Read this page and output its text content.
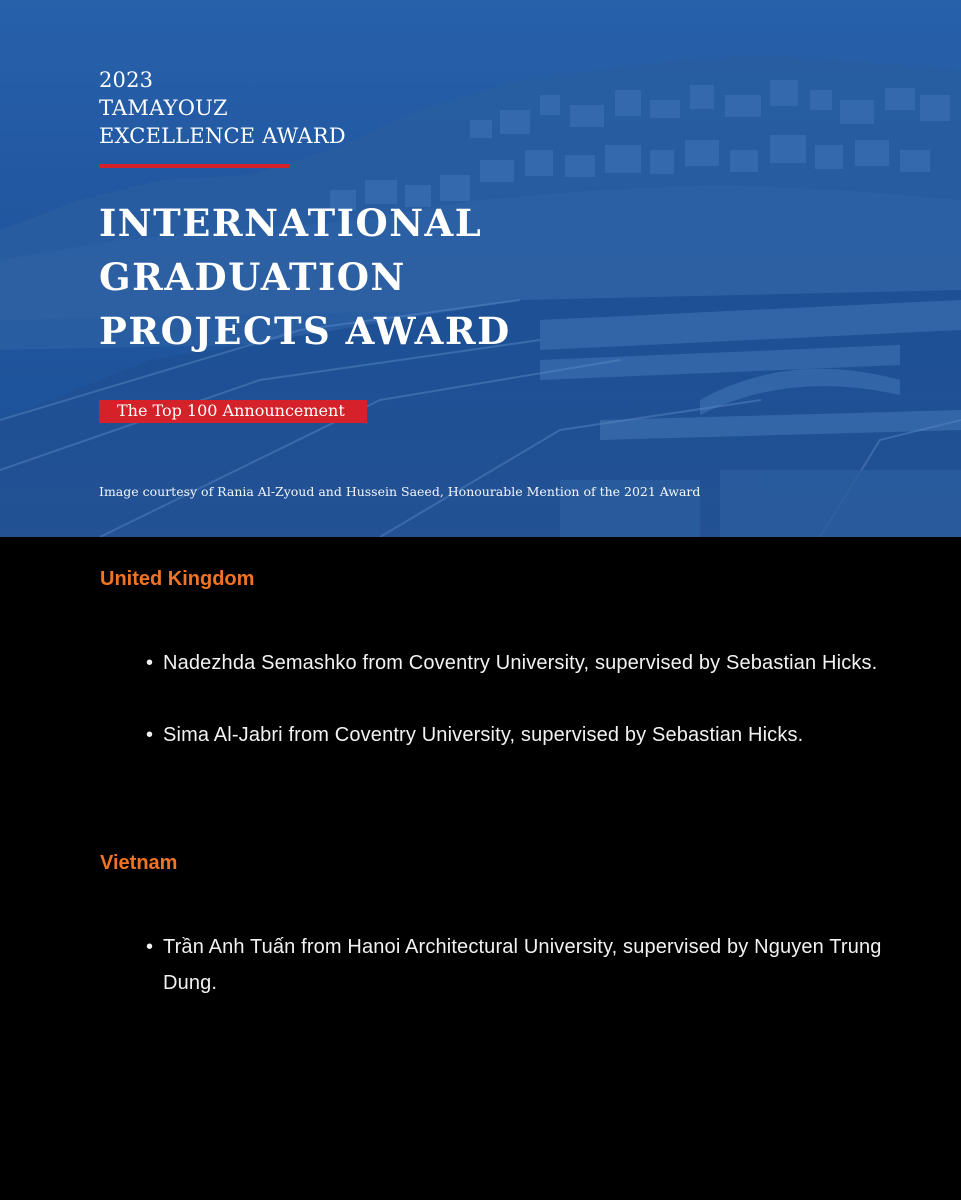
2023
TAMAYOUZ
EXCELLENCE AWARD
INTERNATIONAL
GRADUATION
PROJECTS AWARD
The Top 100 Announcement
Image courtesy of Rania Al-Zyoud and Hussein Saeed, Honourable Mention of the 2021 Award
United Kingdom
• Nadezhda Semashko from Coventry University, supervised by Sebastian Hicks.
• Sima Al-Jabri from Coventry University, supervised by Sebastian Hicks.
Vietnam
• Trần Anh Tuấn from Hanoi Architectural University, supervised by Nguyen Trung Dung.
